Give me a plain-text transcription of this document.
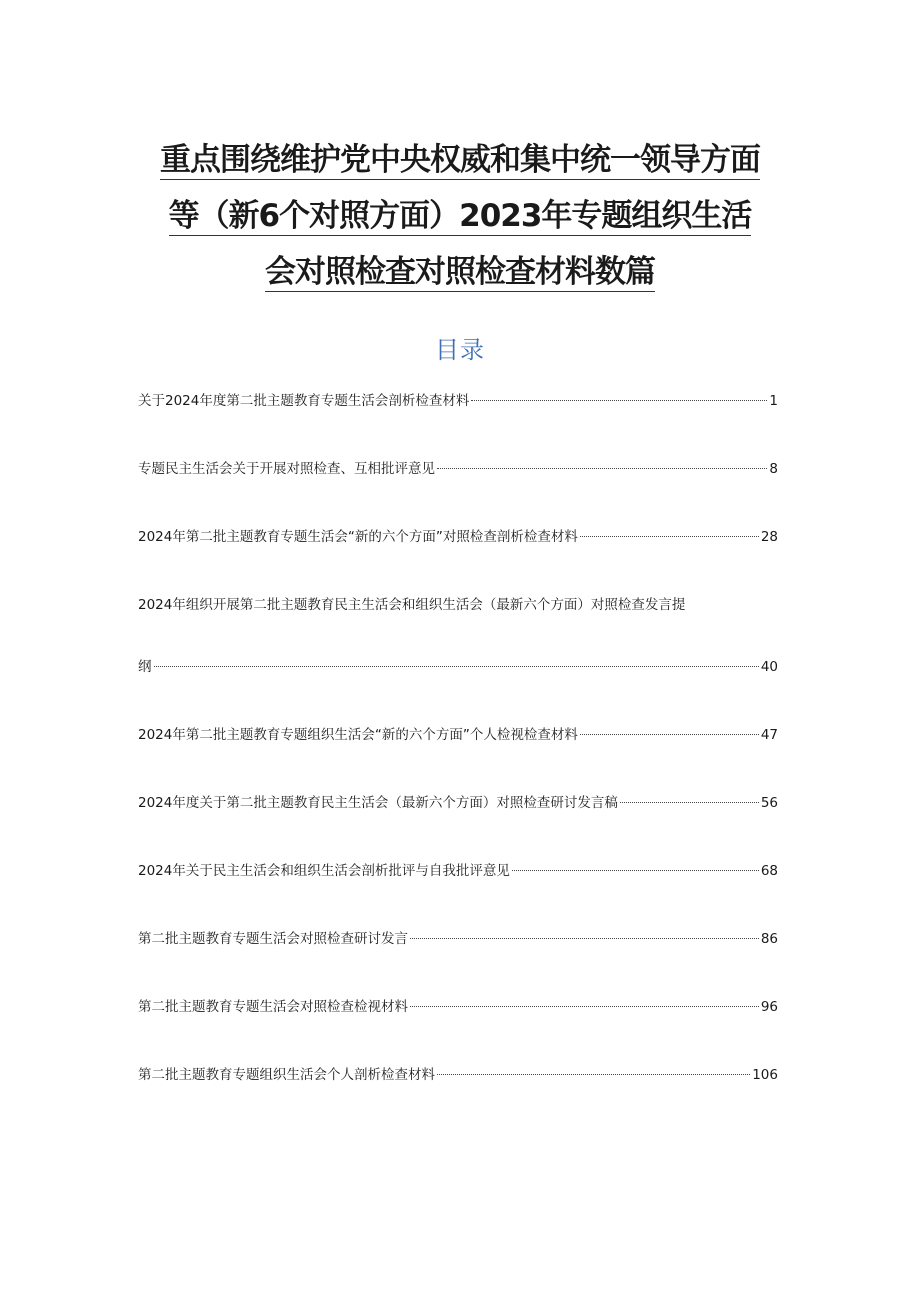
重点围绕维护党中央权威和集中统一领导方面
等（新6个对照方面）2023年专题组织生活
会对照检查对照检查材料数篇
目录
关于2024年度第二批主题教育专题生活会剖析检查材料	1
专题民主生活会关于开展对照检查、互相批评意见	8
2024年第二批主题教育专题生活会“新的六个方面”对照检查剖析检查材料	28
2024年组织开展第二批主题教育民主生活会和组织生活会（最新六个方面）对照检查发言提
纲	40
2024年第二批主题教育专题组织生活会“新的六个方面”个人检视检查材料	47
2024年度关于第二批主题教育民主生活会（最新六个方面）对照检查研讨发言稿	56
2024年关于民主生活会和组织生活会剖析批评与自我批评意见	68
第二批主题教育专题生活会对照检查研讨发言	86
第二批主题教育专题生活会对照检查检视材料	96
第二批主题教育专题组织生活会个人剖析检查材料	106
